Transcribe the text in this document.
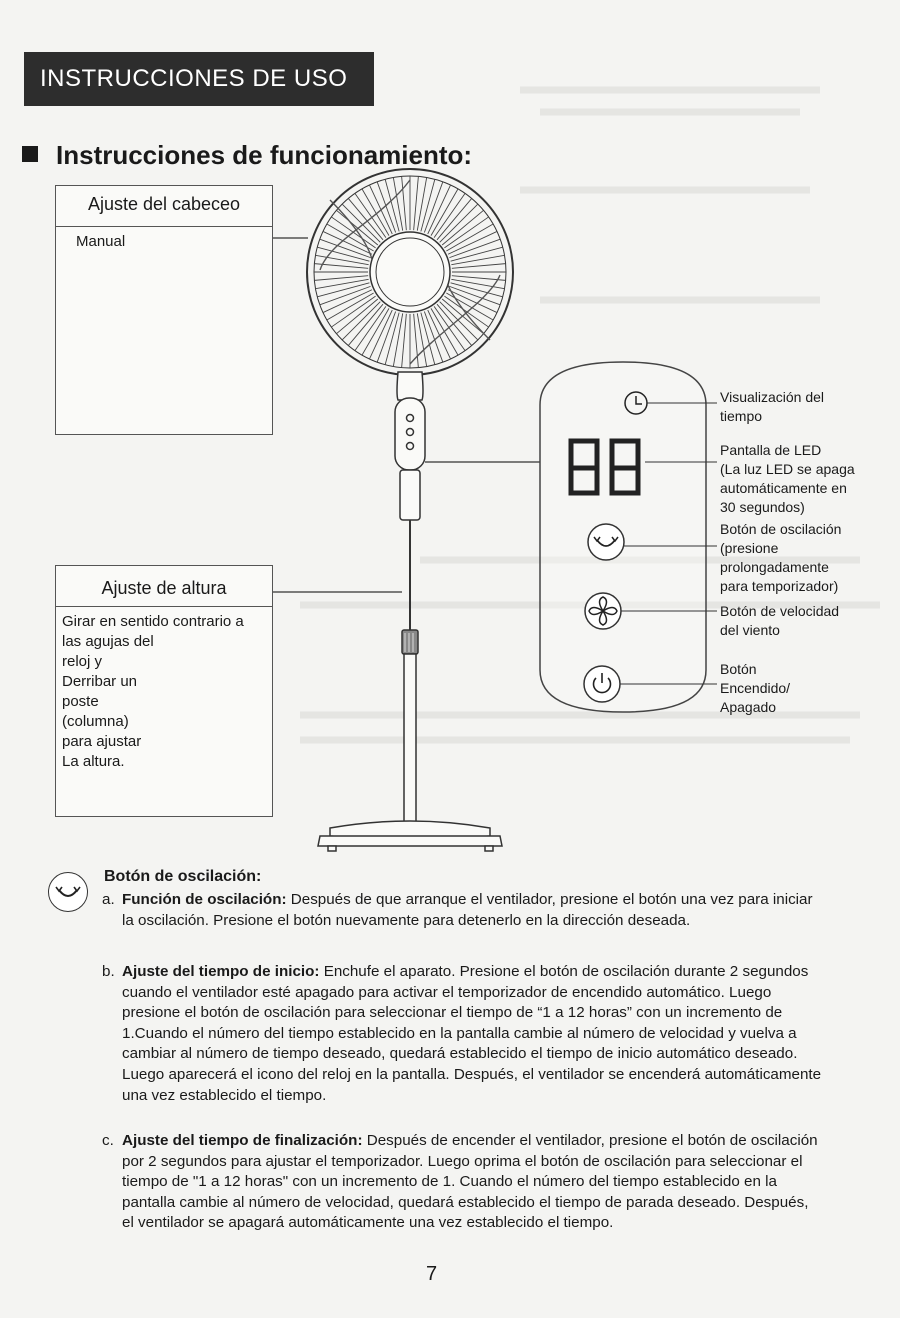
INSTRUCCIONES DE USO
Instrucciones de funcionamiento:
Ajuste del cabeceo
Manual
Ajuste de altura
Girar en sentido contrario a
las agujas del
reloj y
Derribar un
poste
(columna)
para ajustar
La altura.
Visualización del
tiempo
Pantalla de LED
(La luz LED se apaga
automáticamente en
30 segundos)
Botón de oscilación
(presione
prolongadamente
para temporizador)
Botón de velocidad
del viento
Botón
Encendido/
Apagado
Botón de oscilación:
a. Función de oscilación: Después de que arranque el ventilador, presione el botón una vez para iniciar la oscilación. Presione el botón nuevamente para detenerlo en la dirección deseada.
b. Ajuste del tiempo de inicio: Enchufe el aparato. Presione el botón de oscilación durante 2 segundos cuando el ventilador esté apagado para activar el temporizador de encendido automático. Luego presione el botón de oscilación para seleccionar el tiempo de “1 a 12 horas” con un incremento de 1.Cuando el número del tiempo establecido en la pantalla cambie al número de velocidad y vuelva a cambiar al número de tiempo deseado, quedará establecido el tiempo de inicio automático deseado. Luego aparecerá el icono del reloj en la pantalla. Después, el ventilador se encenderá automáticamente una vez establecido el tiempo.
c. Ajuste del tiempo de finalización: Después de encender el ventilador, presione el botón de oscilación por 2 segundos para ajustar el temporizador. Luego oprima el botón de oscilación para seleccionar el tiempo de "1 a 12 horas" con un incremento de 1. Cuando el número del tiempo establecido en la pantalla cambie al número de velocidad, quedará establecido el tiempo de parada deseado. Después, el ventilador se apagará automáticamente una vez establecido el tiempo.
7
